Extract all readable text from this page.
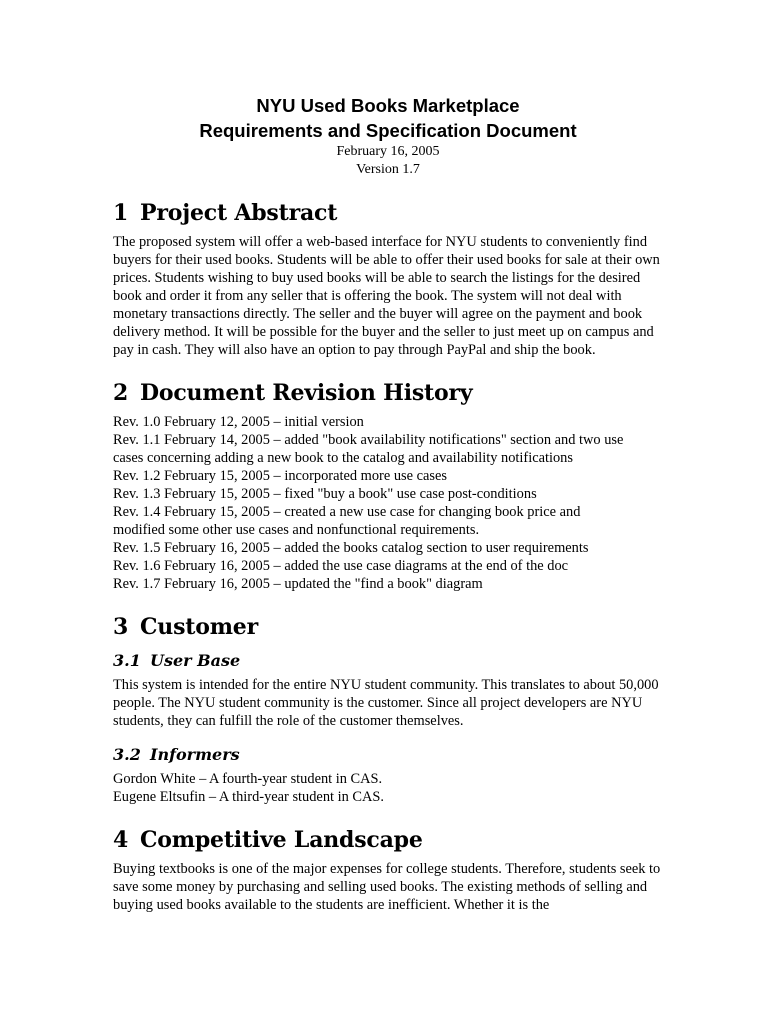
NYU Used Books Marketplace

Requirements and Specification Document

February 16, 2005

Version 1.7

1 Project Abstract

The proposed system will offer a web-based interface for NYU students to conveniently find buyers for their used books. Students will be able to offer their used books for sale at their own prices. Students wishing to buy used books will be able to search the listings for the desired book and order it from any seller that is offering the book. The system will not deal with monetary transactions directly. The seller and the buyer will agree on the payment and book delivery method. It will be possible for the buyer and the seller to just meet up on campus and pay in cash. They will also have an option to pay through PayPal and ship the book.

2 Document Revision History
Rev. 1.0 February 12, 2005 – initial version
Rev. 1.1 February 14, 2005 – added "book availability notifications" section and two use
cases concerning adding a new book to the catalog and availability notifications
Rev. 1.2 February 15, 2005 – incorporated more use cases
Rev. 1.3 February 15, 2005 – fixed "buy a book" use case post-conditions
Rev. 1.4 February 15, 2005 – created a new use case for changing book price and
modified some other use cases and nonfunctional requirements.
Rev. 1.5 February 16, 2005 – added the books catalog section to user requirements
Rev. 1.6 February 16, 2005 – added the use case diagrams at the end of the doc
Rev. 1.7 February 16, 2005 – updated the "find a book" diagram
3 Customer
3.1 User Base

This system is intended for the entire NYU student community. This translates to about 50,000 people. The NYU student community is the customer. Since all project developers are NYU students, they can fulfill the role of the customer themselves.

3.2 Informers
Gordon White – A fourth-year student in CAS.
Eugene Eltsufin – A third-year student in CAS.
4 Competitive Landscape

Buying textbooks is one of the major expenses for college students. Therefore, students seek to save some money by purchasing and selling used books. The existing methods of selling and buying used books available to the students are inefficient. Whether it is the
